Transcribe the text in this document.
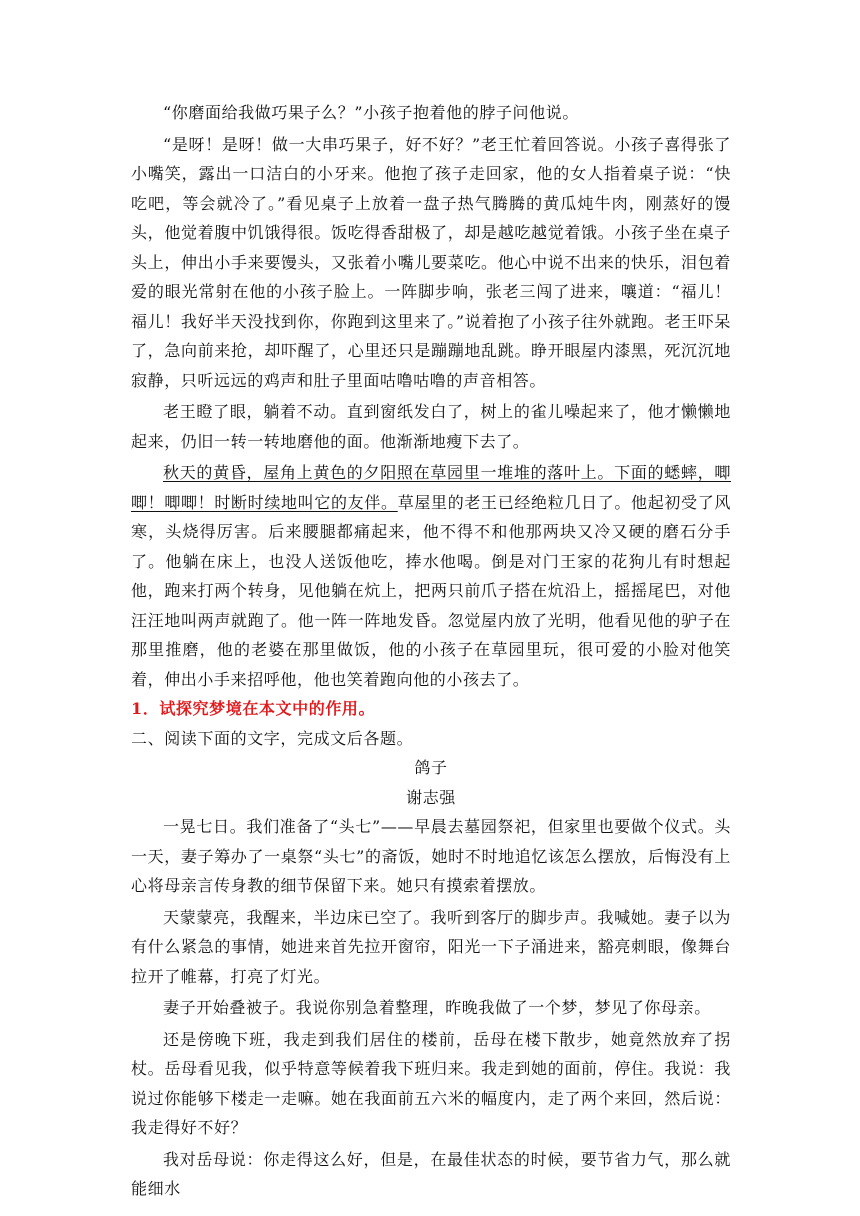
“你磨面给我做巧果子么？”小孩子抱着他的脖子问他说。

“是呀！是呀！做一大串巧果子，好不好？”老王忙着回答说。小孩子喜得张了小嘴笑，露出一口洁白的小牙来。他抱了孩子走回家，他的女人指着桌子说：“快吃吧，等会就冷了。”看见桌子上放着一盘子热气腾腾的黄瓜炖牛肉，刚蒸好的馒头，他觉着腹中饥饿得很。饭吃得香甜极了，却是越吃越觉着饿。小孩子坐在桌子头上，伸出小手来要馒头，又张着小嘴儿要菜吃。他心中说不出来的快乐，泪包着爱的眼光常射在他的小孩子脸上。一阵脚步响，张老三闯了进来，嚷道：“福儿！福儿！我好半天没找到你，你跑到这里来了。”说着抱了小孩子往外就跑。老王吓呆了，急向前来抢，却吓醒了，心里还只是蹦蹦地乱跳。睁开眼屋内漆黑，死沉沉地寂静，只听远远的鸡声和肚子里面咕噜咕噜的声音相答。

老王瞪了眼，躺着不动。直到窗纸发白了，树上的雀儿噪起来了，他才懒懒地起来，仍旧一转一转地磨他的面。他渐渐地瘦下去了。

秋天的黄昏，屋角上黄色的夕阳照在草园里一堆堆的落叶上。下面的蟋蟀，唧唧！唧唧！时断时续地叫它的友伴。草屋里的老王已经绝粒几日了。他起初受了风寒，头烧得厉害。后来腰腿都痛起来，他不得不和他那两块又冷又硬的磨石分手了。他躺在床上，也没人送饭他吃，捧水他喝。倒是对门王家的花狗儿有时想起他，跑来打两个转身，见他躺在炕上，把两只前爪子搭在炕沿上，摇摇尾巴，对他汪汪地叫两声就跑了。他一阵一阵地发昏。忽觉屋内放了光明，他看见他的驴子在那里推磨，他的老婆在那里做饭，他的小孩子在草园里玩，很可爱的小脸对他笑着，伸出小手来招呼他，他也笑着跑向他的小孩去了。

1．试探究梦境在本文中的作用。

二、阅读下面的文字，完成文后各题。

鸽子

谢志强

一晃七日。我们准备了“头七”——早晨去墓园祭祀，但家里也要做个仪式。头一天，妻子筹办了一桌祭“头七”的斋饭，她时不时地追忆该怎么摆放，后悔没有上心将母亲言传身教的细节保留下来。她只有摸索着摆放。

天蒙蒙亮，我醒来，半边床已空了。我听到客厅的脚步声。我喊她。妻子以为有什么紧急的事情，她进来首先拉开窗帘，阳光一下子涌进来，豁亮刺眼，像舞台拉开了帷幕，打亮了灯光。

妻子开始叠被子。我说你别急着整理，昨晚我做了一个梦，梦见了你母亲。

还是傍晚下班，我走到我们居住的楼前，岳母在楼下散步，她竟然放弃了拐杖。岳母看见我，似乎特意等候着我下班归来。我走到她的面前，停住。我说：我说过你能够下楼走一走嘛。她在我面前五六米的幅度内，走了两个来回，然后说：我走得好不好？

我对岳母说：你走得这么好，但是，在最佳状态的时候，要节省力气，那么就能细水
